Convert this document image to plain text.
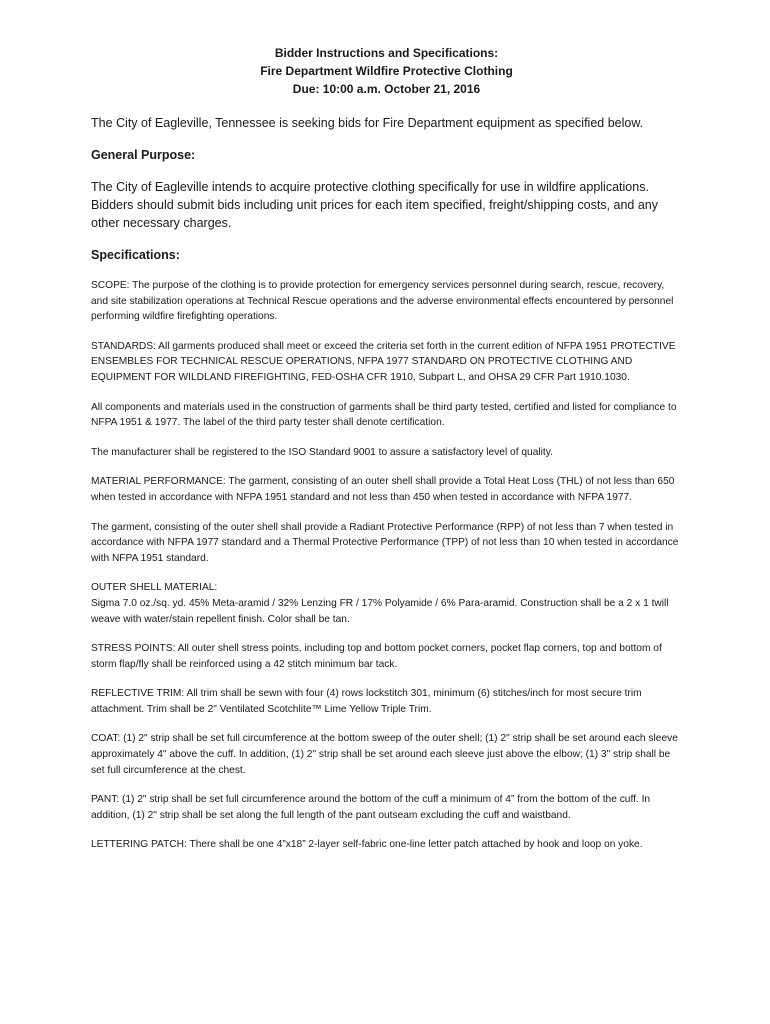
Bidder Instructions and Specifications:
Fire Department Wildfire Protective Clothing
Due: 10:00 a.m. October 21, 2016

The City of Eagleville, Tennessee is seeking bids for Fire Department equipment as specified below.

General Purpose:

The City of Eagleville intends to acquire protective clothing specifically for use in wildfire applications. Bidders should submit bids including unit prices for each item specified, freight/shipping costs, and any other necessary charges.

Specifications:

SCOPE: The purpose of the clothing is to provide protection for emergency services personnel during search, rescue, recovery, and site stabilization operations at Technical Rescue operations and the adverse environmental effects encountered by personnel performing wildfire firefighting operations.

STANDARDS: All garments produced shall meet or exceed the criteria set forth in the current edition of NFPA 1951 PROTECTIVE ENSEMBLES FOR TECHNICAL RESCUE OPERATIONS, NFPA 1977 STANDARD ON PROTECTIVE CLOTHING AND EQUIPMENT FOR WILDLAND FIREFIGHTING, FED-OSHA CFR 1910, Subpart L, and OHSA 29 CFR Part 1910.1030.

All components and materials used in the construction of garments shall be third party tested, certified and listed for compliance to NFPA 1951 & 1977. The label of the third party tester shall denote certification.

The manufacturer shall be registered to the ISO Standard 9001 to assure a satisfactory level of quality.

MATERIAL PERFORMANCE: The garment, consisting of an outer shell shall provide a Total Heat Loss (THL) of not less than 650 when tested in accordance with NFPA 1951 standard and not less than 450 when tested in accordance with NFPA 1977.

The garment, consisting of the outer shell shall provide a Radiant Protective Performance (RPP) of not less than 7 when tested in accordance with NFPA 1977 standard and a Thermal Protective Performance (TPP) of not less than 10 when tested in accordance with NFPA 1951 standard.

OUTER SHELL MATERIAL:

Sigma 7.0 oz./sq. yd. 45% Meta-aramid / 32% Lenzing FR / 17% Polyamide / 6% Para-aramid. Construction shall be a 2 x 1 twill weave with water/stain repellent finish. Color shall be tan.

STRESS POINTS: All outer shell stress points, including top and bottom pocket corners, pocket flap corners, top and bottom of storm flap/fly shall be reinforced using a 42 stitch minimum bar tack.

REFLECTIVE TRIM: All trim shall be sewn with four (4) rows lockstitch 301, minimum (6) stitches/inch for most secure trim attachment. Trim shall be 2" Ventilated Scotchlite™ Lime Yellow Triple Trim.

COAT: (1) 2" strip shall be set full circumference at the bottom sweep of the outer shell; (1) 2" strip shall be set around each sleeve approximately 4" above the cuff. In addition, (1) 2" strip shall be set around each sleeve just above the elbow; (1) 3" strip shall be set full circumference at the chest.

PANT: (1) 2" strip shall be set full circumference around the bottom of the cuff a minimum of 4” from the bottom of the cuff. In addition, (1) 2" strip shall be set along the full length of the pant outseam excluding the cuff and waistband.

LETTERING PATCH: There shall be one 4”x18” 2-layer self-fabric one-line letter patch attached by hook and loop on yoke.
